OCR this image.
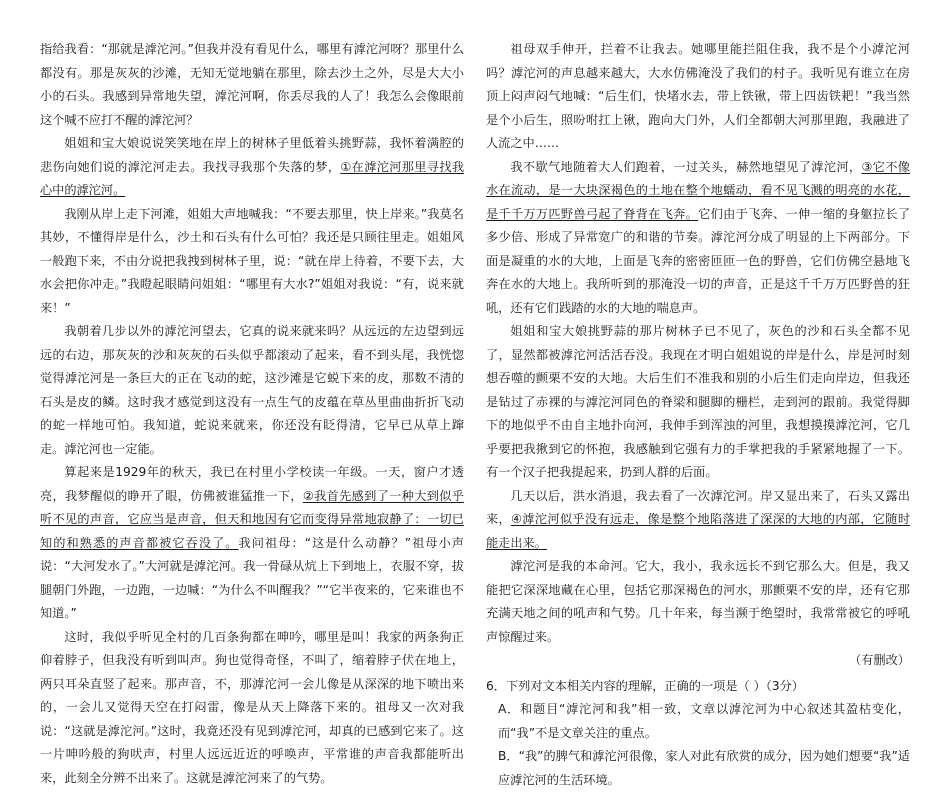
指给我看：“那就是滹沱河。”但我并没有看见什么，哪里有滹沱河呀？那里什么都没有。那是灰灰的沙滩，无知无觉地躺在那里，除去沙土之外，尽是大大小小的石头。我感到异常地失望，滹沱河啊，你丢尽我的人了！我怎么会像眼前这个喊不应打不醒的滹沱河？

姐姐和宝大娘说说笑笑地在岸上的树林子里低着头挑野蒜，我怀着满腔的悲伤向她们说的滹沱河走去。我找寻我那个失落的梦，①在滹沱河那里寻找我心中的滹沱河。

我刚从岸上走下河滩，姐姐大声地喊我：“不要去那里，快上岸来。”我莫名其妙，不懂得岸是什么，沙土和石头有什么可怕？我还是只顾往里走。姐姐风一般跑下来，不由分说把我拽到树林子里，说：“就在岸上待着，不要下去，大水会把你冲走。”我瞪起眼睛问姐姐：“哪里有大水?”姐姐对我说：“有，说来就来！”

我朝着几步以外的滹沱河望去，它真的说来就来吗？从远远的左边望到远远的右边，那灰灰的沙和灰灰的石头似乎都滚动了起来，看不到头尾，我恍惚觉得滹沱河是一条巨大的正在飞动的蛇，这沙滩是它蜕下来的皮，那数不清的石头是皮的鳞。这时我才感觉到这没有一点生气的皮蕴在草丛里曲曲折折飞动的蛇一样地可怕。我知道，蛇说来就来，你还没有眨得清，它早已从草上蹿走。滹沱河也一定能。

算起来是1929年的秋天，我已在村里小学校读一年级。一天，窗户才透亮，我梦醒似的睁开了眼，仿佛被谁猛推一下，②我首先感到了一种大到似乎听不见的声音，它应当是声音，但天和地因有它而变得异常地寂静了：一切已知的和熟悉的声音都被它吞没了。我问祖母：“这是什么动静？”祖母小声说：“大河发水了。”大河就是滹沱河。我一骨碌从炕上下到地上，衣服不穿，拔腿朝门外跑，一边跑，一边喊：“为什么不叫醒我？”“它半夜来的，它来谁也不知道。”

这时，我似乎听见全村的几百条狗都在呻吟，哪里是叫！我家的两条狗正仰着脖子，但我没有听到叫声。狗也觉得奇怪，不叫了，缩着脖子伏在地上，两只耳朵直竖了起来。那声音，不，那滹沱河一会儿像是从深深的地下喷出来的，一会儿又觉得天空在打闷雷，像是从天上降落下来的。祖母又一次对我说：“这就是滹沱河。”这时，我竟还没有见到滹沱河，却真的已感到它来了。这一片呻吟般的狗吠声，村里人远远近近的呼唤声，平常谁的声音我都能听出来，此刻全分辨不出来了。这就是滹沱河来了的气势。

祖母双手伸开，拦着不让我去。她哪里能拦阻住我，我不是个小滹沱河吗？滹沱河的声息越来越大，大水仿佛淹没了我们的村子。我听见有谁立在房顶上闷声闷气地喊：“后生们，快堵水去，带上铁锹，带上四齿铁耙！”我当然是个小后生，照吩咐扛上锹，跑向大门外，人们全都朝大河那里跑，我融进了人流之中……

我不歇气地随着大人们跑着，一过关头，赫然地望见了滹沱河，③它不像水在流动，是一大块深褐色的土地在整个地蠕动，看不见飞溅的明亮的水花，是千千万万匹野兽弓起了脊背在飞奔。它们由于飞奔、一伸一缩的身躯拉长了多少倍、形成了异常宽广的和谐的节奏。滹沱河分成了明显的上下两部分。下面是凝重的水的大地，上面是飞奔的密密匝匝一色的野兽，它们仿佛空悬地飞奔在水的大地上。我所听到的那淹没一切的声音，正是这千千万万匹野兽的狂吼，还有它们践踏的水的大地的喘息声。

姐姐和宝大娘挑野蒜的那片树林子已不见了，灰色的沙和石头全都不见了，显然都被滹沱河活活吞没。我现在才明白姐姐说的岸是什么，岸是河时刻想吞噬的颤栗不安的大地。大后生们不准我和别的小后生们走向岸边，但我还是钻过了赤裸的与滹沱河同色的脊梁和腿脚的栅栏，走到河的跟前。我觉得脚下的地似乎不由自主地扑向河，我伸手到浑浊的河里，我想摸摸滹沱河，它几乎要把我揪到它的怀抱，我感触到它强有力的手掌把我的手紧紧地握了一下。有一个汉子把我提起来，扔到人群的后面。

几天以后，洪水消退，我去看了一次滹沱河。岸又显出来了，石头又露出来，④滹沱河似乎没有远走，像是整个地陷落进了深深的大地的内部，它随时能走出来。

滹沱河是我的本命河。它大，我小，我永远长不到它那么大。但是，我又能把它深深地藏在心里，包括它那深褐色的河水，那颤栗不安的岸，还有它那充满天地之间的吼声和气势。几十年来，每当濒于绝望时，我常常被它的呼吼声惊醒过来。

（有删改）

6．下列对文本相关内容的理解，正确的一项是（ ）（3分）

A．和题目“滹沱河和我”相一致，文章以滹沱河为中心叙述其盈枯变化，而“我”不是文章关注的重点。

B．“我”的脾气和滹沱河很像，家人对此有欣赏的成分，因为她们想要“我”适应滹沱河的生活环境。
